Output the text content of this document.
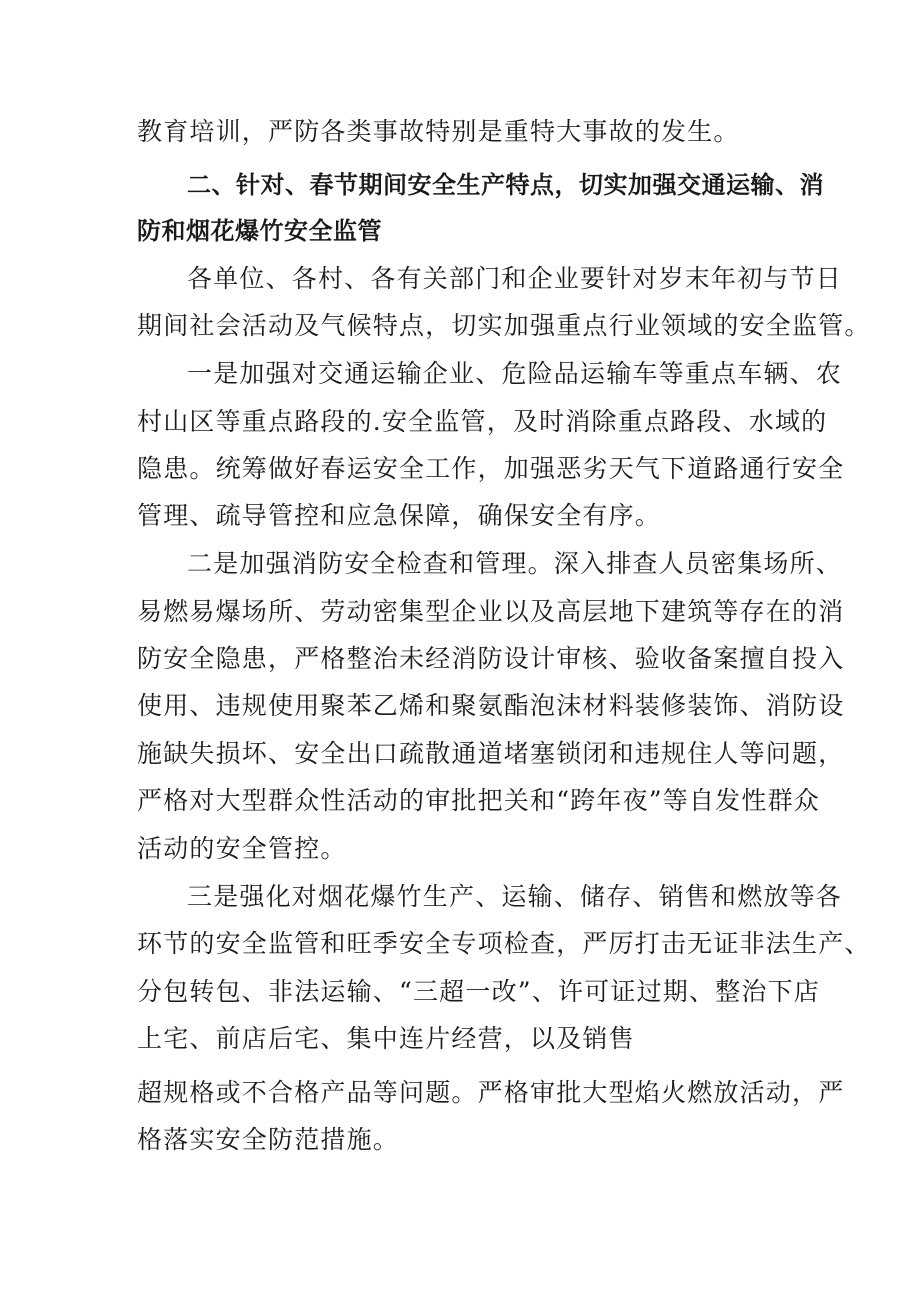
教育培训，严防各类事故特别是重特大事故的发生。
二、针对、春节期间安全生产特点，切实加强交通运输、消
防和烟花爆竹安全监管
各单位、各村、各有关部门和企业要针对岁末年初与节日
期间社会活动及气候特点，切实加强重点行业领域的安全监管。
一是加强对交通运输企业、危险品运输车等重点车辆、农
村山区等重点路段的.安全监管，及时消除重点路段、水域的
隐患。统筹做好春运安全工作，加强恶劣天气下道路通行安全
管理、疏导管控和应急保障，确保安全有序。
二是加强消防安全检查和管理。深入排查人员密集场所、
易燃易爆场所、劳动密集型企业以及高层地下建筑等存在的消
防安全隐患，严格整治未经消防设计审核、验收备案擅自投入
使用、违规使用聚苯乙烯和聚氨酯泡沫材料装修装饰、消防设
施缺失损坏、安全出口疏散通道堵塞锁闭和违规住人等问题，
严格对大型群众性活动的审批把关和“跨年夜”等自发性群众
活动的安全管控。
三是强化对烟花爆竹生产、运输、储存、销售和燃放等各
环节的安全监管和旺季安全专项检查，严厉打击无证非法生产、
分包转包、非法运输、“三超一改”、许可证过期、整治下店
上宅、前店后宅、集中连片经营，以及销售
超规格或不合格产品等问题。严格审批大型焰火燃放活动，严
格落实安全防范措施。
